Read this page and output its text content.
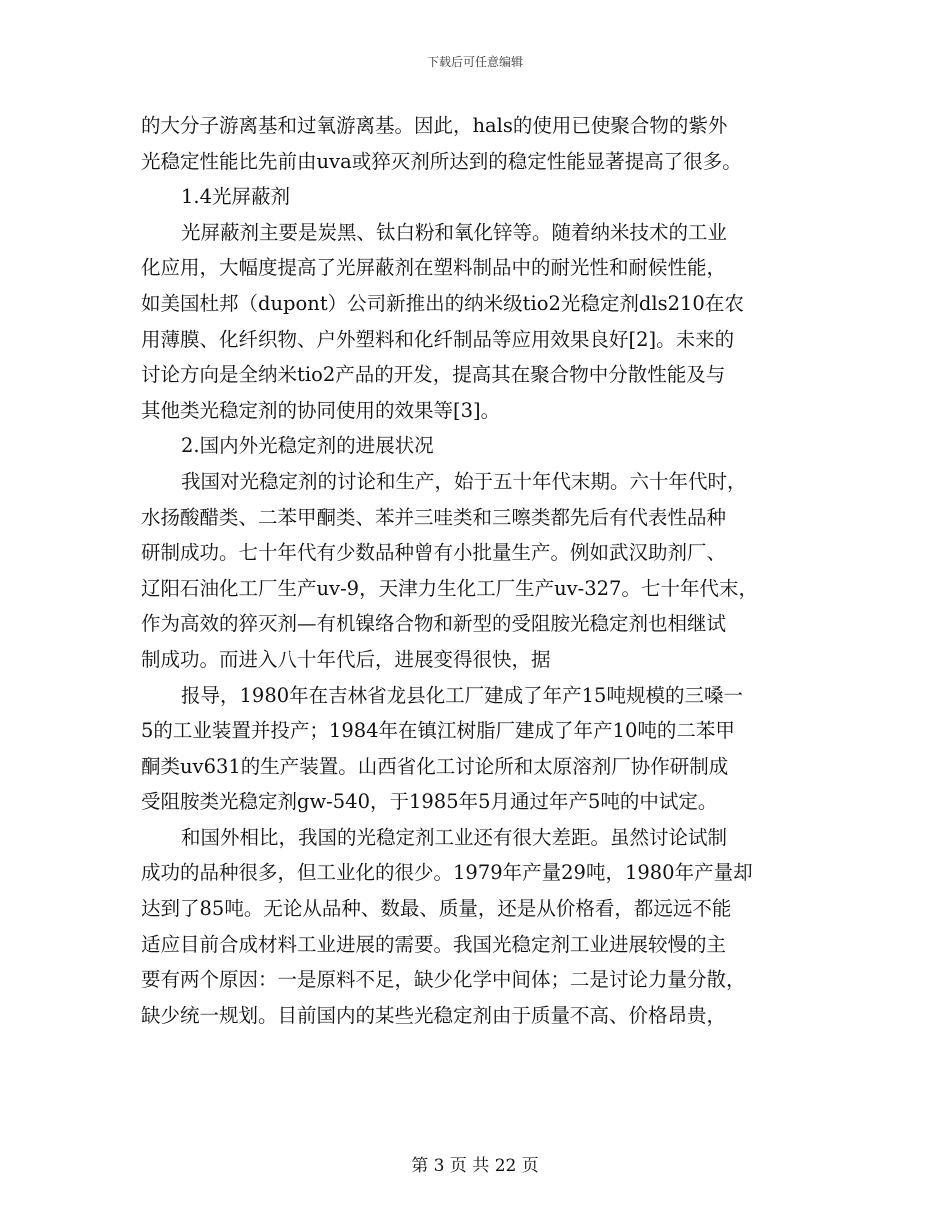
下载后可任意编辑
的大分子游离基和过氧游离基。因此，hals的使用已使聚合物的紫外
光稳定性能比先前由uva或猝灭剂所达到的稳定性能显著提高了很多。
1.4光屏蔽剂
光屏蔽剂主要是炭黑、钛白粉和氧化锌等。随着纳米技术的工业
化应用，大幅度提高了光屏蔽剂在塑料制品中的耐光性和耐候性能，
如美国杜邦（dupont）公司新推出的纳米级tio2光稳定剂dls210在农
用薄膜、化纤织物、户外塑料和化纤制品等应用效果良好[2]。未来的
讨论方向是全纳米tio2产品的开发，提高其在聚合物中分散性能及与
其他类光稳定剂的协同使用的效果等[3]。
2.国内外光稳定剂的进展状况
我国对光稳定剂的讨论和生产，始于五十年代末期。六十年代时，
水扬酸醋类、二苯甲酮类、苯并三哇类和三嚓类都先后有代表性品种
研制成功。七十年代有少数品种曾有小批量生产。例如武汉助剂厂、
辽阳石油化工厂生产uv-9，天津力生化工厂生产uv-327。七十年代末，
作为高效的猝灭剂—有机镍络合物和新型的受阻胺光稳定剂也相继试
制成功。而进入八十年代后，进展变得很快，据
报导，1980年在吉林省龙县化工厂建成了年产15吨规模的三嗓一
5的工业装置并投产；1984年在镇江树脂厂建成了年产10吨的二苯甲
酮类uv631的生产装置。山西省化工讨论所和太原溶剂厂协作研制成
受阻胺类光稳定剂gw-540，于1985年5月通过年产5吨的中试定。
和国外相比，我国的光稳定剂工业还有很大差距。虽然讨论试制
成功的品种很多，但工业化的很少。1979年产量29吨，1980年产量却
达到了85吨。无论从品种、数最、质量，还是从价格看，都远远不能
适应目前合成材料工业进展的需要。我国光稳定剂工业进展较慢的主
要有两个原因：一是原料不足，缺少化学中间体；二是讨论力量分散，
缺少统一规划。目前国内的某些光稳定剂由于质量不高、价格昂贵，
第 3 页 共 22 页
